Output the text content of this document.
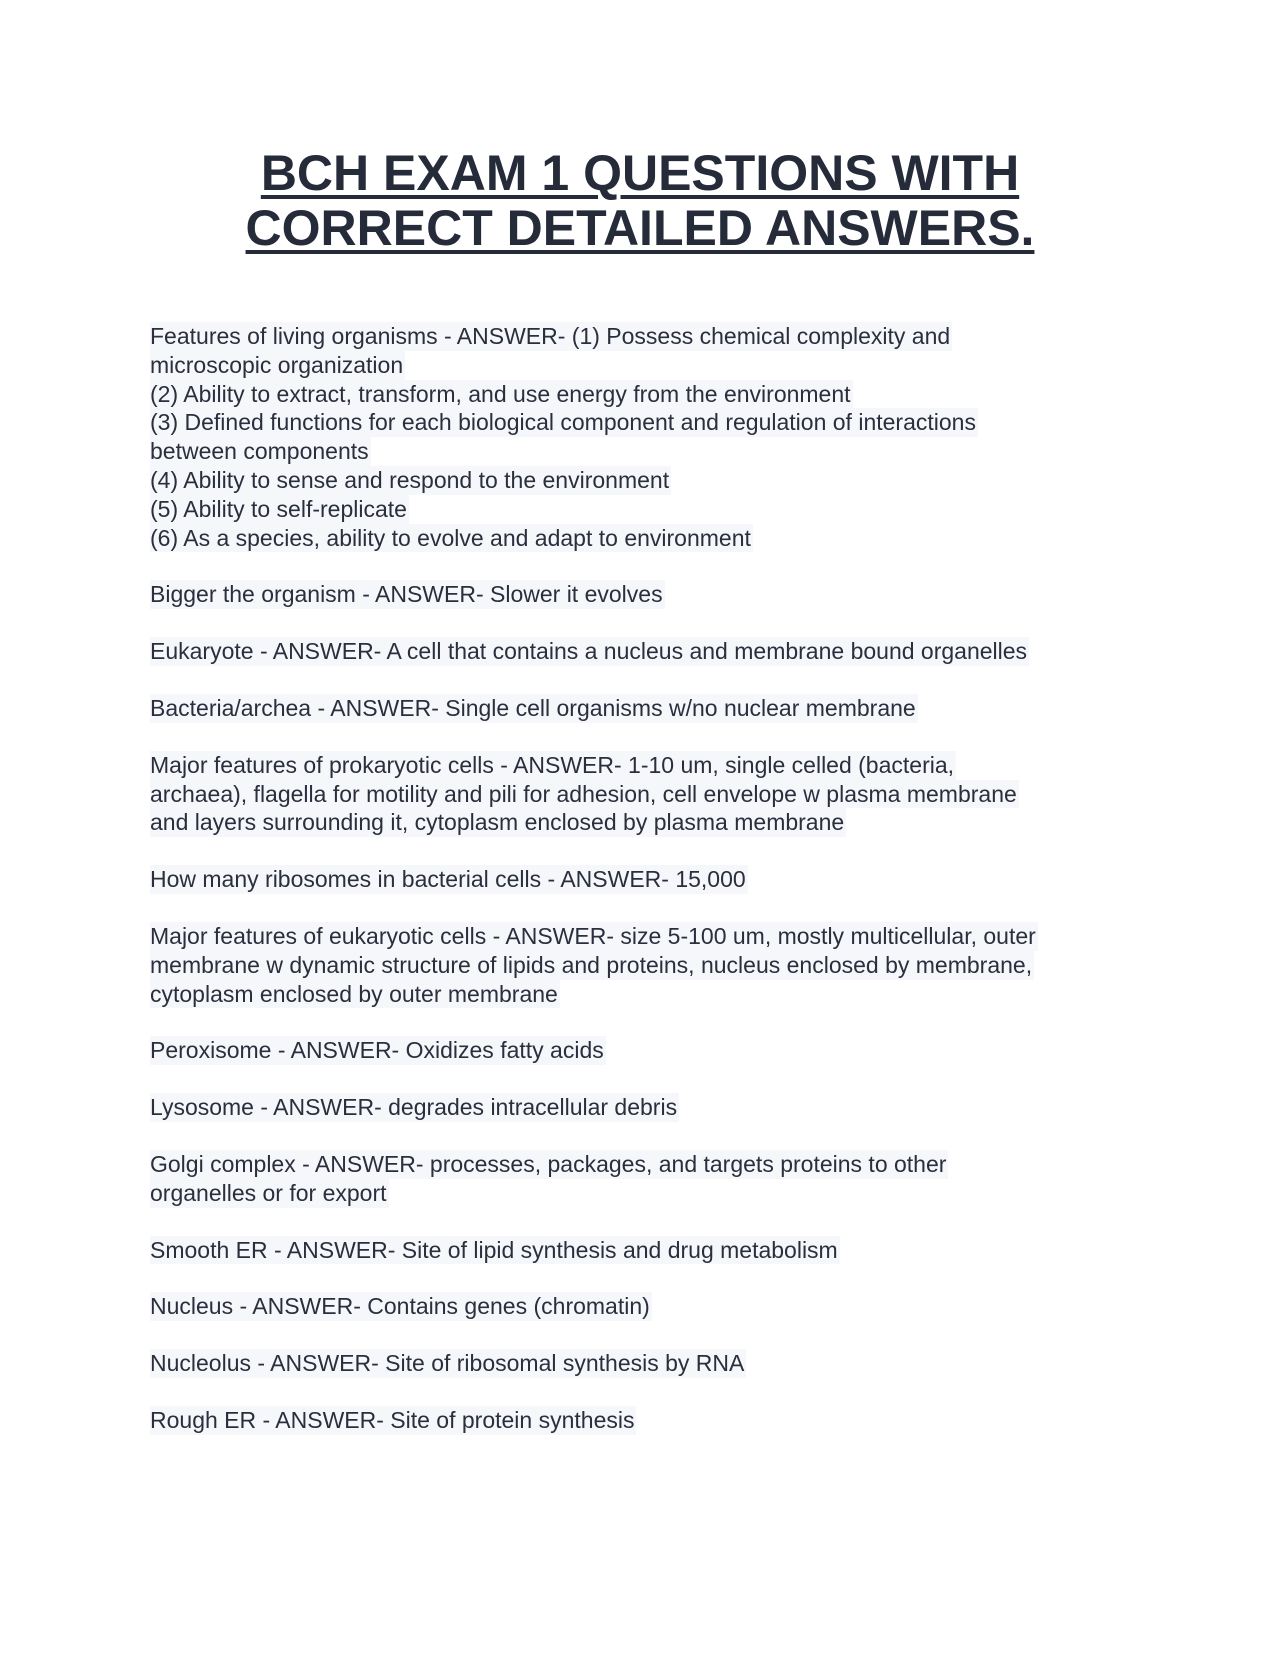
BCH EXAM 1 QUESTIONS WITH
CORRECT DETAILED ANSWERS.
Features of living organisms - ANSWER- (1) Possess chemical complexity and
microscopic organization
(2) Ability to extract, transform, and use energy from the environment
(3) Defined functions for each biological component and regulation of interactions
between components
(4) Ability to sense and respond to the environment
(5) Ability to self-replicate
(6) As a species, ability to evolve and adapt to environment
Bigger the organism - ANSWER- Slower it evolves
Eukaryote - ANSWER- A cell that contains a nucleus and membrane bound organelles
Bacteria/archea - ANSWER- Single cell organisms w/no nuclear membrane
Major features of prokaryotic cells - ANSWER- 1-10 um, single celled (bacteria,
archaea), flagella for motility and pili for adhesion, cell envelope w plasma membrane
and layers surrounding it, cytoplasm enclosed by plasma membrane
How many ribosomes in bacterial cells - ANSWER- 15,000
Major features of eukaryotic cells - ANSWER- size 5-100 um, mostly multicellular, outer
membrane w dynamic structure of lipids and proteins, nucleus enclosed by membrane,
cytoplasm enclosed by outer membrane
Peroxisome - ANSWER- Oxidizes fatty acids
Lysosome - ANSWER- degrades intracellular debris
Golgi complex - ANSWER- processes, packages, and targets proteins to other
organelles or for export
Smooth ER - ANSWER- Site of lipid synthesis and drug metabolism
Nucleus - ANSWER- Contains genes (chromatin)
Nucleolus - ANSWER- Site of ribosomal synthesis by RNA
Rough ER - ANSWER- Site of protein synthesis
